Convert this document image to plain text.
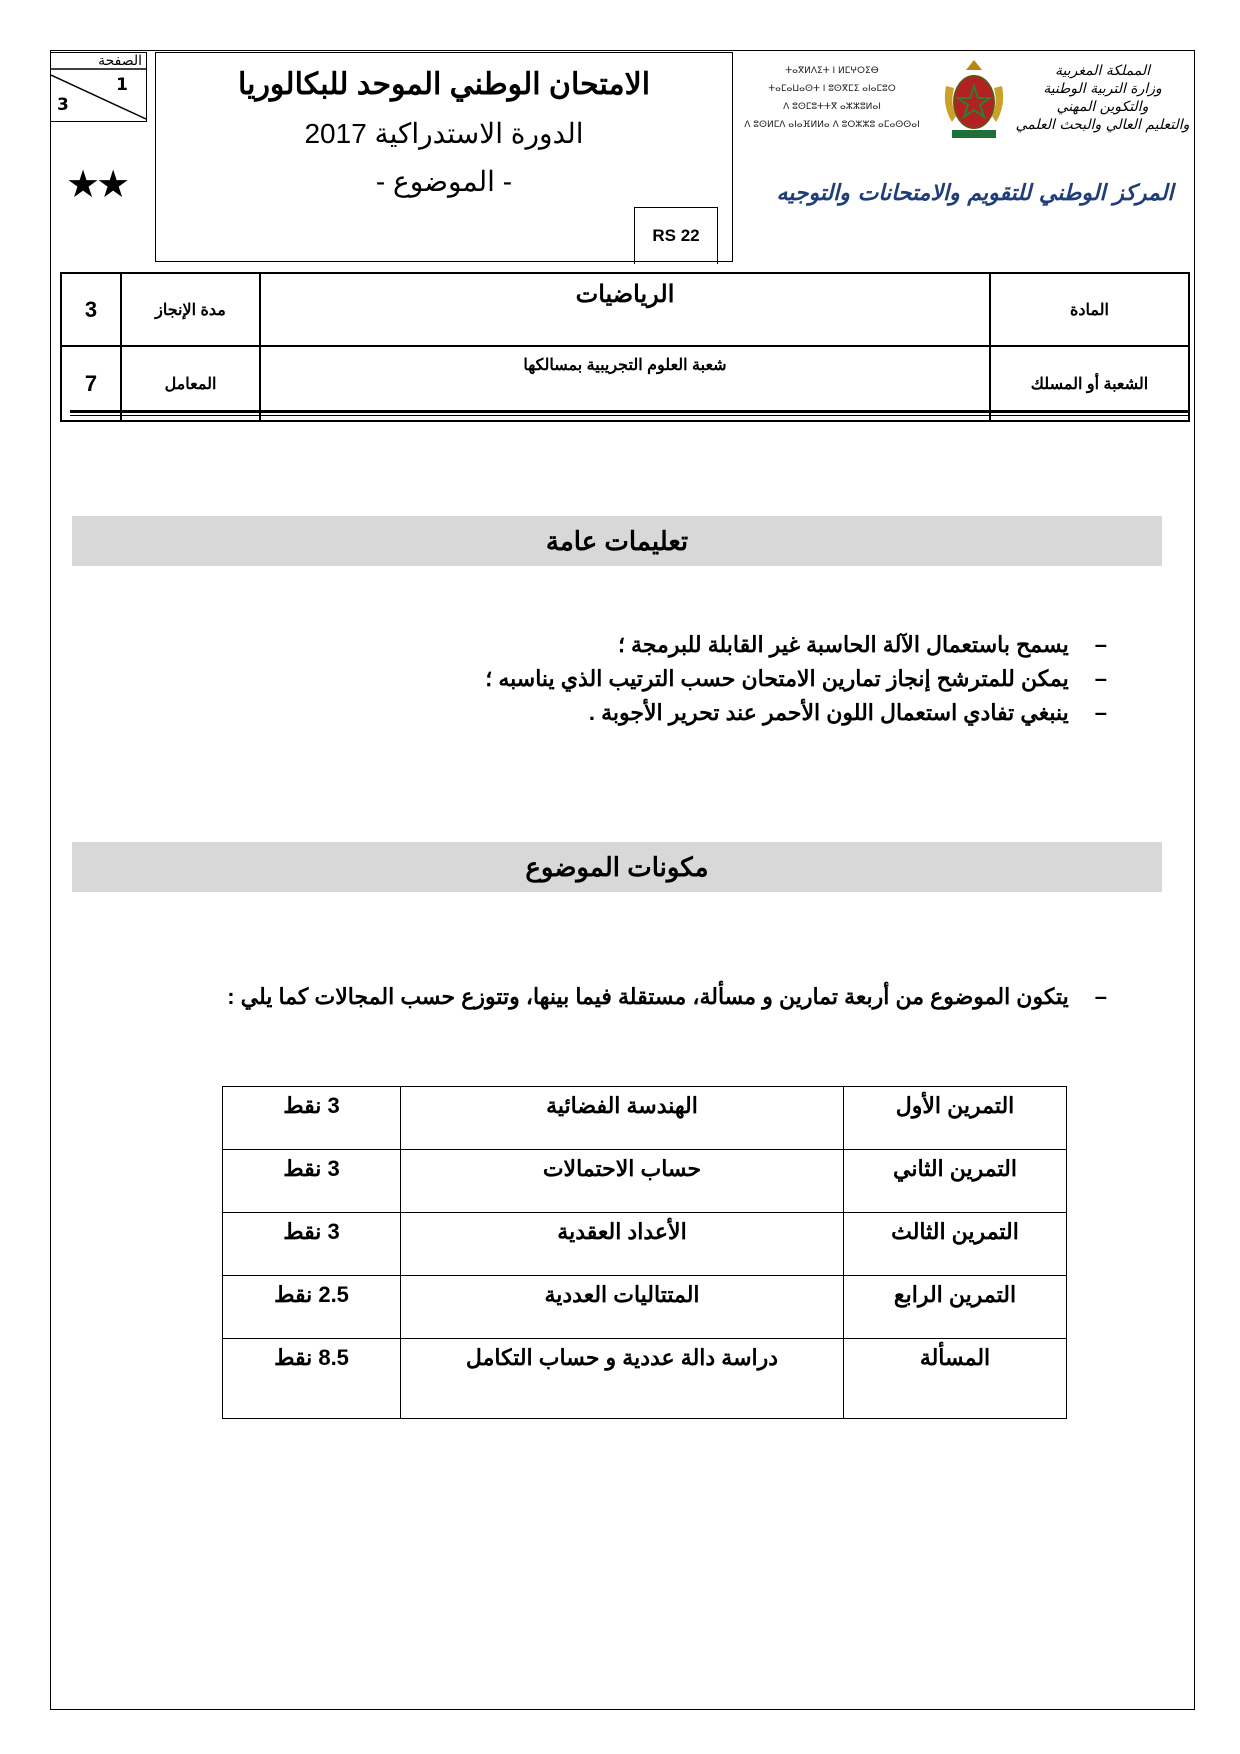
الصفحة
1
3
★★
الامتحان الوطني الموحد للبكالوريا
الدورة الاستدراكية 2017
- الموضوع -
RS 22
ⵜⴰⴳⵍⴷⵉⵜ ⵏ ⵍⵎⵖⵔⵉⴱ
ⵜⴰⵎⴰⵡⴰⵙⵜ ⵏ ⵓⵙⴳⵎⵉ ⴰⵏⴰⵎⵓⵔ
ⴷ ⵓⵙⵎⵓⵜⵜⴳ ⴰⵣⵣⵓⵍⴰⵏ
ⴷ ⵓⵙⵍⵎⴷ ⴰⵏⴰⴼⵍⵍⴰ ⴷ ⵓⵔⵣⵣⵓ ⴰⵎⴰⵙⵙⴰⵏ
المملكة المغربية
وزارة التربية الوطنية
والتكوين المهني
والتعليم العالي والبحث العلمي
المركز الوطني للتقويم والامتحانات والتوجيه
3	مدة الإنجاز	الرياضيات	المادة
7	المعامل	شعبة العلوم التجريبية بمسالكها	الشعبة أو المسلك
تعليمات عامة
– يسمح باستعمال الآلة الحاسبة غير القابلة للبرمجة ؛
– يمكن للمترشح إنجاز تمارين الامتحان حسب الترتيب الذي يناسبه ؛
– ينبغي تفادي استعمال اللون الأحمر عند تحرير الأجوبة .
مكونات الموضوع
– يتكون الموضوع من أربعة تمارين و مسألة، مستقلة فيما بينها، وتتوزع حسب المجالات كما يلي :
التمرين الأول	الهندسة الفضائية	3 نقط
التمرين الثاني	حساب الاحتمالات	3 نقط
التمرين الثالث	الأعداد العقدية	3 نقط
التمرين الرابع	المتتاليات العددية	2.5 نقط
المسألة	دراسة دالة عددية و حساب التكامل	8.5 نقط
